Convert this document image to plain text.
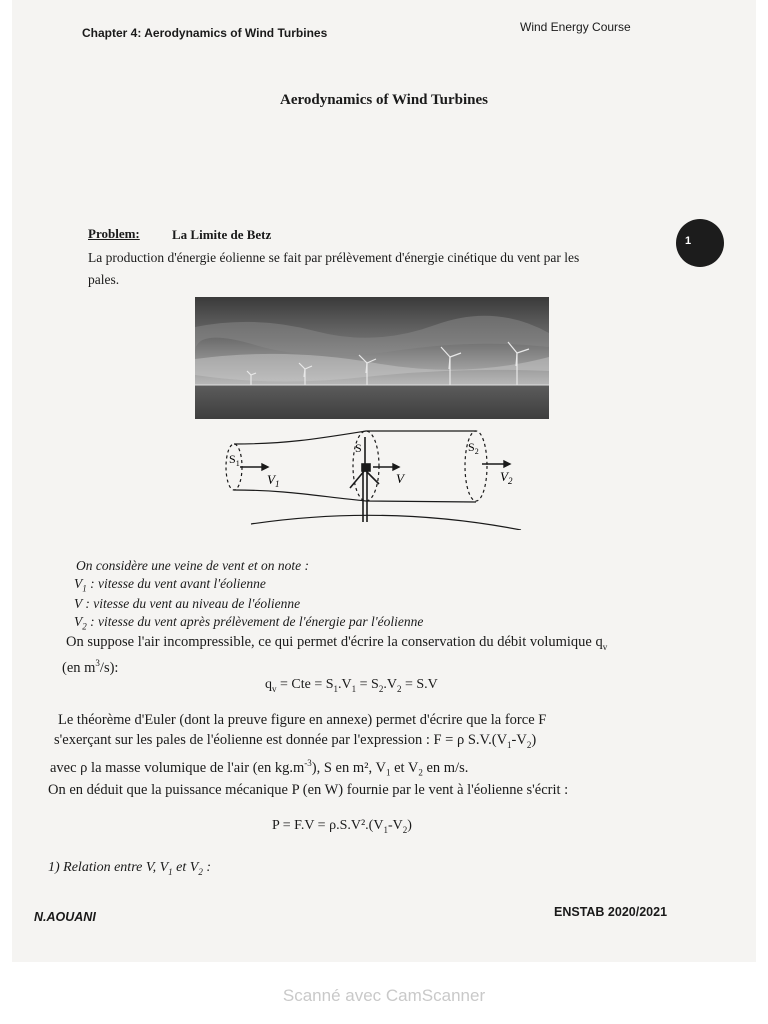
Chapter 4: Aerodynamics of Wind Turbines	Wind Energy Course
Aerodynamics of Wind Turbines
Problem: La Limite de Betz	1
La production d'énergie éolienne se fait par prélèvement d'énergie cinétique du vent par les
pales.
$S_1$
S	$S_2$
$V_1$	V	$V_2$
On considère une veine de vent et on note :
$V_1$ : vitesse du vent avant l'éolienne
V : vitesse du vent au niveau de l'éolienne
$V_2$ : vitesse du vent après prélèvement de l'énergie par l'éolienne
On suppose l'air incompressible, ce qui permet d'écrire la conservation du débit volumique $q_v$
(en $m^3/s$):
$q_v$ = Cte = $S_1.V_1 = S_2.V_2 = S.V$
Le théorème d'Euler (dont la preuve figure en annexe) permet d'écrire que la force F
s'exerçant sur les pales de l'éolienne est donnée par l'expression : F = ρ $S.V.(V_1-V_2)$
avec ρ la masse volumique de l'air (en $kg.m^{-3}$), S en m², $V_1$ et $V_2$ en m/s.
On en déduit que la puissance mécanique P (en W) fournie par le vent à l'éolienne s'écrit :
$P = F.V = \rho.S.V^2.(V_1-V_2)$
1) Relation entre V, $V_1$ et $V_2$ :
N.AOUANI	ENSTAB 2020/2021
Scanné avec CamScanner
